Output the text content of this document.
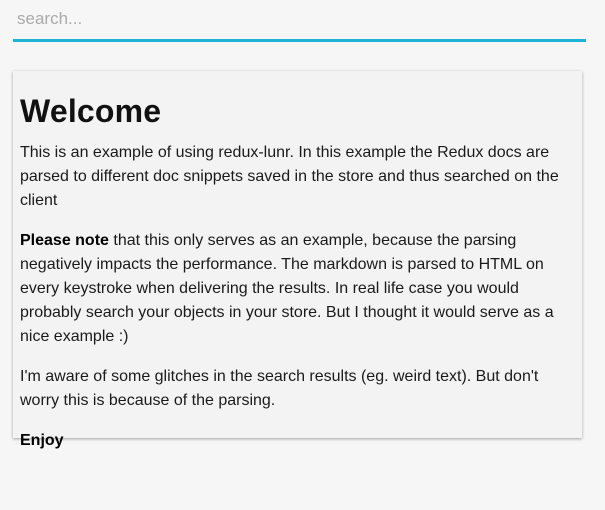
search...
Welcome

This is an example of using redux-lunr. In this example the Redux docs are parsed to different doc snippets saved in the store and thus searched on the client

Please note that this only serves as an example, because the parsing negatively impacts the performance. The markdown is parsed to HTML on every keystroke when delivering the results. In real life case you would probably search your objects in your store. But I thought it would serve as a nice example :)

I'm aware of some glitches in the search results (eg. weird text). But don't worry this is because of the parsing.

Enjoy
